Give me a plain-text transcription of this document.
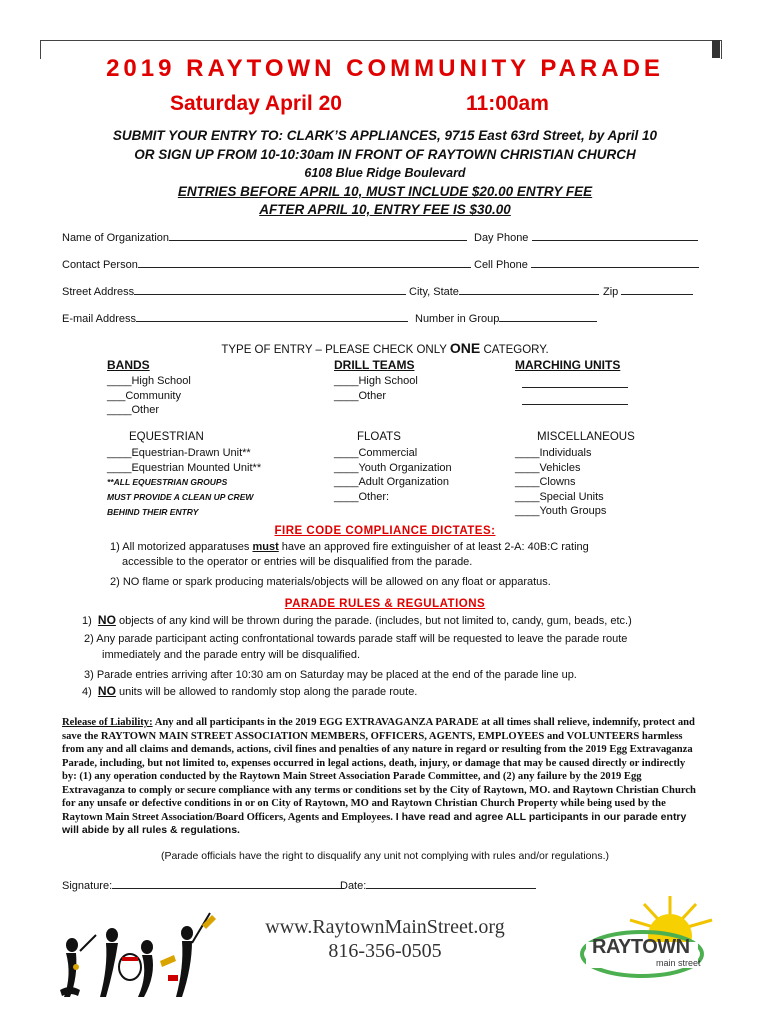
2019 RAYTOWN COMMUNITY PARADE
Saturday April 20	11:00am
SUBMIT YOUR ENTRY TO: CLARK’S APPLIANCES, 9715 East 63rd Street, by April 10
OR SIGN UP FROM 10-10:30am IN FRONT OF RAYTOWN CHRISTIAN CHURCH
6108 Blue Ridge Boulevard
ENTRIES BEFORE APRIL 10, MUST INCLUDE $20.00 ENTRY FEE
AFTER APRIL 10, ENTRY FEE IS $30.00
Name of Organization	Day Phone
Contact Person	Cell Phone
Street Address	City, State	Zip
E-mail Address	Number in Group
TYPE OF ENTRY – PLEASE CHECK ONLY ONE CATEGORY.
BANDS
____High School
___Community
____Other
DRILL TEAMS
____High School
____Other
MARCHING UNITS
EQUESTRIAN
____Equestrian-Drawn Unit**
____Equestrian Mounted Unit**
**ALL EQUESTRIAN GROUPS
MUST PROVIDE A CLEAN UP CREW
BEHIND THEIR ENTRY
FLOATS
____Commercial
____Youth Organization
____Adult Organization
____Other:
MISCELLANEOUS
____Individuals
____Vehicles
____Clowns
____Special Units
____Youth Groups
FIRE CODE COMPLIANCE DICTATES:
1) All motorized apparatuses must have an approved fire extinguisher of at least 2-A: 40B:C rating
accessible to the operator or entries will be disqualified from the parade.
2) NO flame or spark producing materials/objects will be allowed on any float or apparatus.
PARADE RULES & REGULATIONS
1) NO objects of any kind will be thrown during the parade. (includes, but not limited to, candy, gum, beads, etc.)
2) Any parade participant acting confrontational towards parade staff will be requested to leave the parade route
immediately and the parade entry will be disqualified.
3) Parade entries arriving after 10:30 am on Saturday may be placed at the end of the parade line up.
4) NO units will be allowed to randomly stop along the parade route.
Release of Liability: Any and all participants in the 2019 EGG EXTRAVAGANZA PARADE at all times shall relieve, indemnify, protect and save the RAYTOWN MAIN STREET ASSOCIATION MEMBERS, OFFICERS, AGENTS, EMPLOYEES and VOLUNTEERS harmless from any and all claims and demands, actions, civil fines and penalties of any nature in regard or resulting from the 2019 Egg Extravaganza Parade, including, but not limited to, expenses occurred in legal actions, death, injury, or damage that may be caused directly or indirectly by: (1) any operation conducted by the Raytown Main Street Association Parade Committee, and (2) any failure by the 2019 Egg Extravaganza to comply or secure compliance with any terms or conditions set by the City of Raytown, MO. and Raytown Christian Church for any unsafe or defective conditions in or on City of Raytown, MO and Raytown Christian Church Property while being used by the Raytown Main Street Association/Board Officers, Agents and Employees. I have read and agree ALL participants in our parade entry will abide by all rules & regulations.
(Parade officials have the right to disqualify any unit not complying with rules and/or regulations.)
Signature:	Date:
www.RaytownMainStreet.org
816-356-0505	RAYTOWN
main street
